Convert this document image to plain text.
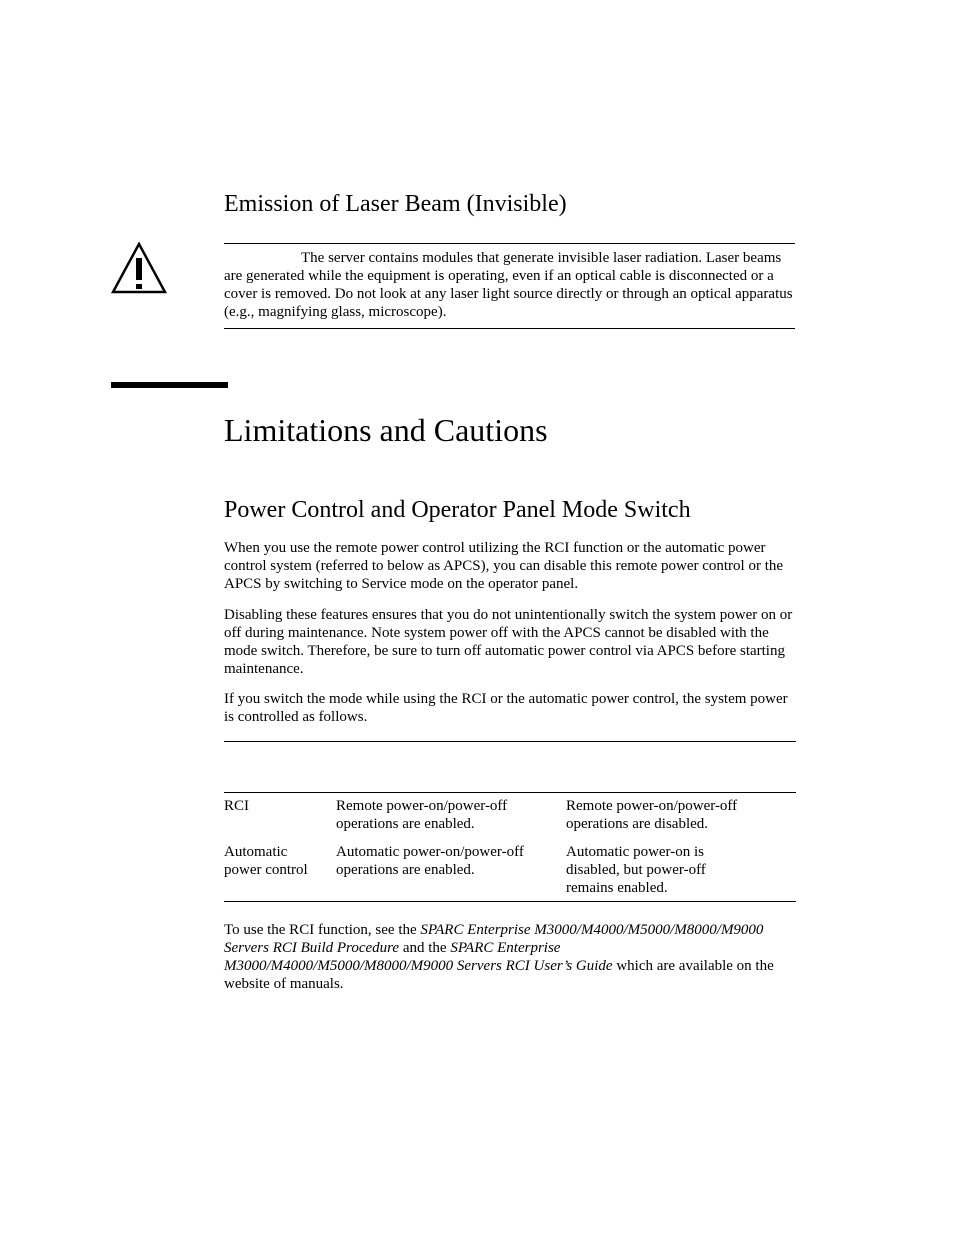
Emission of Laser Beam (Invisible)
The server contains modules that generate invisible laser radiation. Laser beams are generated while the equipment is operating, even if an optical cable is disconnected or a cover is removed. Do not look at any laser light source directly or through an optical apparatus (e.g., magnifying glass, microscope).
Limitations and Cautions
Power Control and Operator Panel Mode Switch
When you use the remote power control utilizing the RCI function or the automatic power control system (referred to below as APCS), you can disable this remote power control or the APCS by switching to Service mode on the operator panel.
Disabling these features ensures that you do not unintentionally switch the system power on or off during maintenance. Note system power off with the APCS cannot be disabled with the mode switch. Therefore, be sure to turn off automatic power control via APCS before starting maintenance.
If you switch the mode while using the RCI or the automatic power control, the system power is controlled as follows.
RCI	Remote power-on/power-off operations are enabled.
Remote power-on/power-off operations are disabled.
Automatic power control
Automatic power-on/power-off operations are enabled.
Automatic power-on is disabled, but power-off remains enabled.
To use the RCI function, see the SPARC Enterprise M3000/M4000/M5000/M8000/M9000 Servers RCI Build Procedure and the SPARC Enterprise M3000/M4000/M5000/M8000/M9000 Servers RCI User’s Guide which are available on the website of manuals.
